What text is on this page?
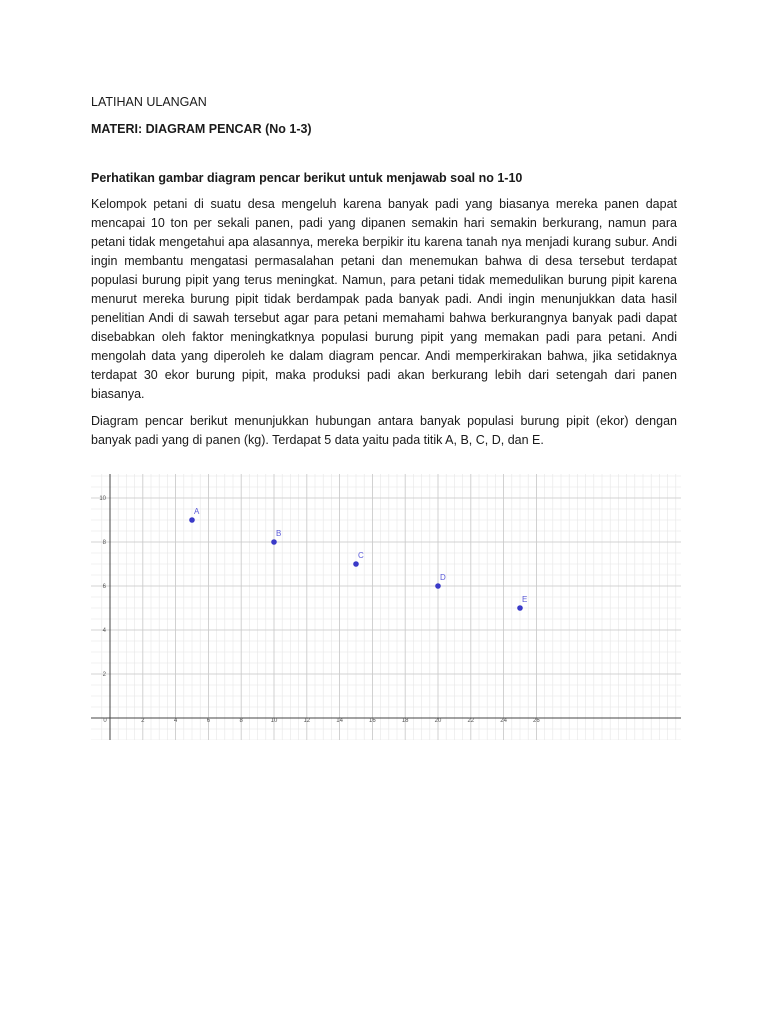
LATIHAN ULANGAN

MATERI: DIAGRAM PENCAR (No 1-3)

Perhatikan gambar diagram pencar berikut untuk menjawab soal no 1-10

Kelompok petani di suatu desa mengeluh karena banyak padi yang biasanya mereka panen dapat mencapai 10 ton per sekali panen, padi yang dipanen semakin hari semakin berkurang, namun para petani tidak mengetahui apa alasannya, mereka berpikir itu karena tanah nya menjadi kurang subur. Andi ingin membantu mengatasi permasalahan petani dan menemukan bahwa di desa tersebut terdapat populasi burung pipit yang terus meningkat. Namun, para petani tidak memedulikan burung pipit karena menurut mereka burung pipit tidak berdampak pada banyak padi. Andi ingin menunjukkan data hasil penelitian Andi di sawah tersebut agar para petani memahami bahwa berkurangnya banyak padi dapat disebabkan oleh faktor meningkatknya populasi burung pipit yang memakan padi para petani. Andi mengolah data yang diperoleh ke dalam diagram pencar. Andi memperkirakan bahwa, jika setidaknya terdapat 30 ekor burung pipit, maka produksi padi akan berkurang lebih dari setengah dari panen biasanya.

Diagram pencar berikut menunjukkan hubungan antara banyak populasi burung pipit (ekor) dengan banyak padi yang di panen (kg). Terdapat 5 data yaitu pada titik A, B, C, D, dan E.

0	2	4	6	8	10	12	14	16	18	20	22	24	26
2
4
6
8
10
A
B
C
D
E
